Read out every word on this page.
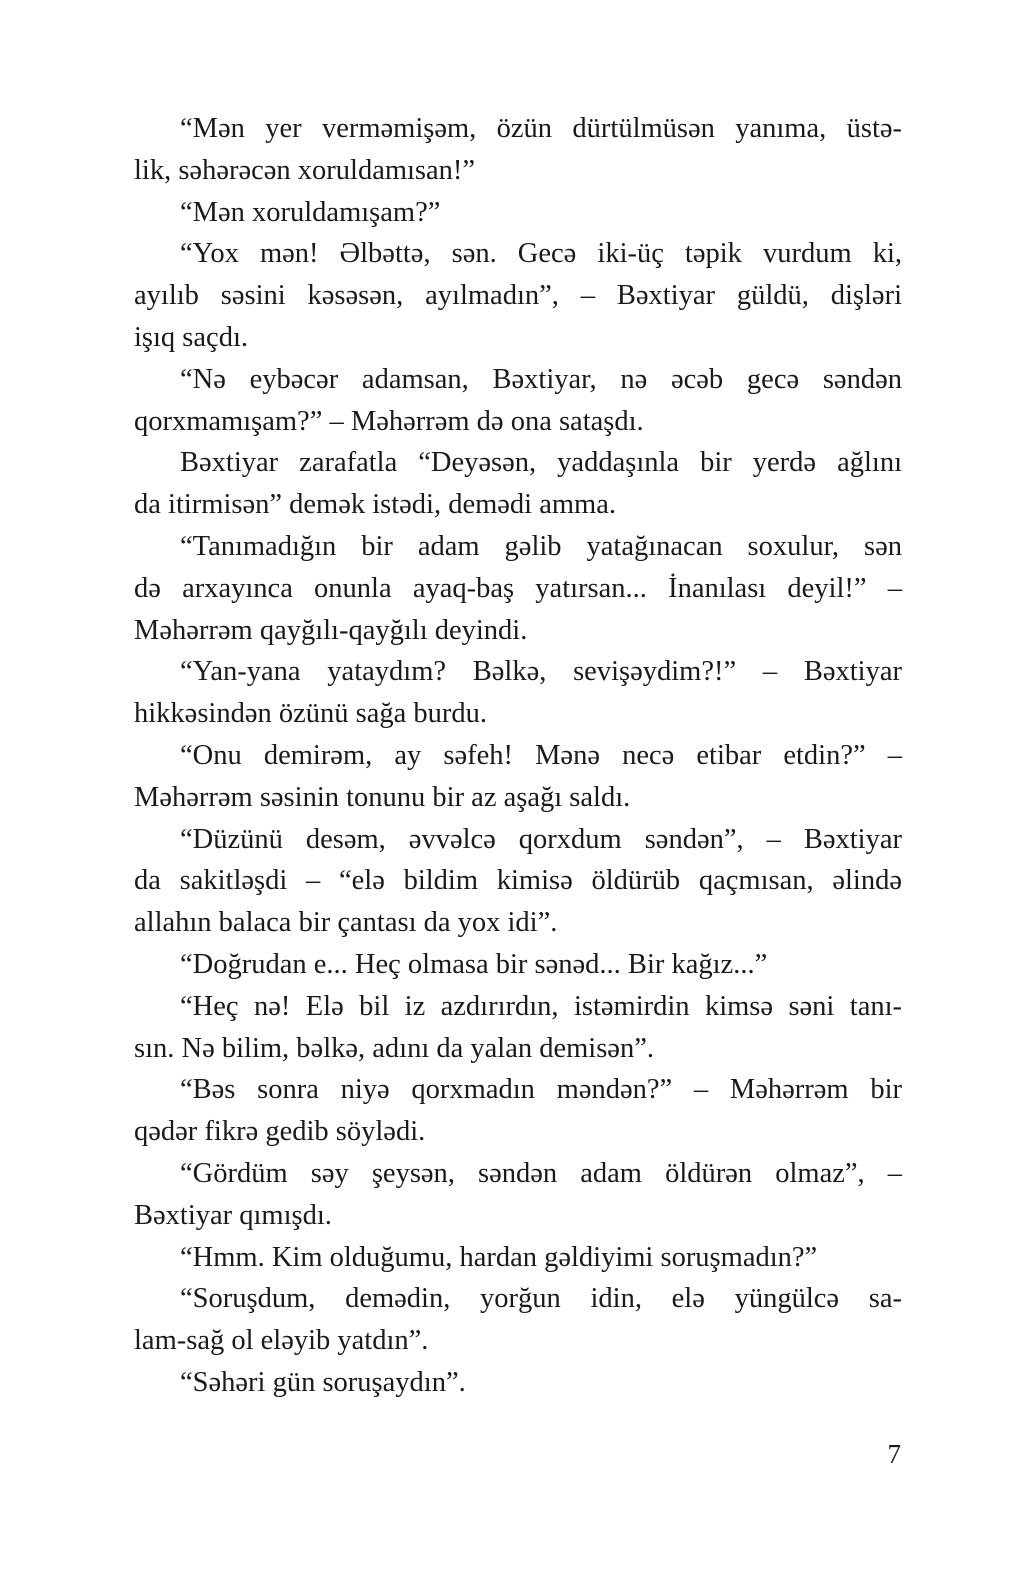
“Mən yer verməmişəm, özün dürtülmüsən yanıma, üstə-
lik, səhərəcən xoruldamısan!”
“Mən xoruldamışam?”
“Yox mən! Əlbəttə, sən. Gecə iki-üç təpik vurdum ki,
ayılıb səsini kəsəsən, ayılmadın”, – Bəxtiyar güldü, dişləri
işıq saçdı.
“Nə eybəcər adamsan, Bəxtiyar, nə əcəb gecə səndən
qorxmamışam?” – Məhərrəm də ona sataşdı.
Bəxtiyar zarafatla “Deyəsən, yaddaşınla bir yerdə ağlını
da itirmisən” demək istədi, demədi amma.
“Tanımadığın bir adam gəlib yatağınacan soxulur, sən
də arxayınca onunla ayaq-baş yatırsan... İnanılası deyil!” –
Məhərrəm qayğılı-qayğılı deyindi.
“Yan-yana yataydım? Bəlkə, sevişəydim?!” – Bəxtiyar
hikkəsindən özünü sağa burdu.
“Onu demirəm, ay səfeh! Mənə necə etibar etdin?” –
Məhərrəm səsinin tonunu bir az aşağı saldı.
“Düzünü desəm, əvvəlcə qorxdum səndən”, – Bəxtiyar
da sakitləşdi – “elə bildim kimisə öldürüb qaçmısan, əlində
allahın balaca bir çantası da yox idi”.
“Doğrudan e... Heç olmasa bir sənəd... Bir kağız...”
“Heç nə! Elə bil iz azdırırdın, istəmirdin kimsə səni tanı-
sın. Nə bilim, bəlkə, adını da yalan demisən”.
“Bəs sonra niyə qorxmadın məndən?” – Məhərrəm bir
qədər fikrə gedib söylədi.
“Gördüm səy şeysən, səndən adam öldürən olmaz”, –
Bəxtiyar qımışdı.
“Hmm. Kim olduğumu, hardan gəldiyimi soruşmadın?”
“Soruşdum, demədin, yorğun idin, elə yüngülcə sa-
lam-sağ ol eləyib yatdın”.
“Səhəri gün soruşaydın”.
7
